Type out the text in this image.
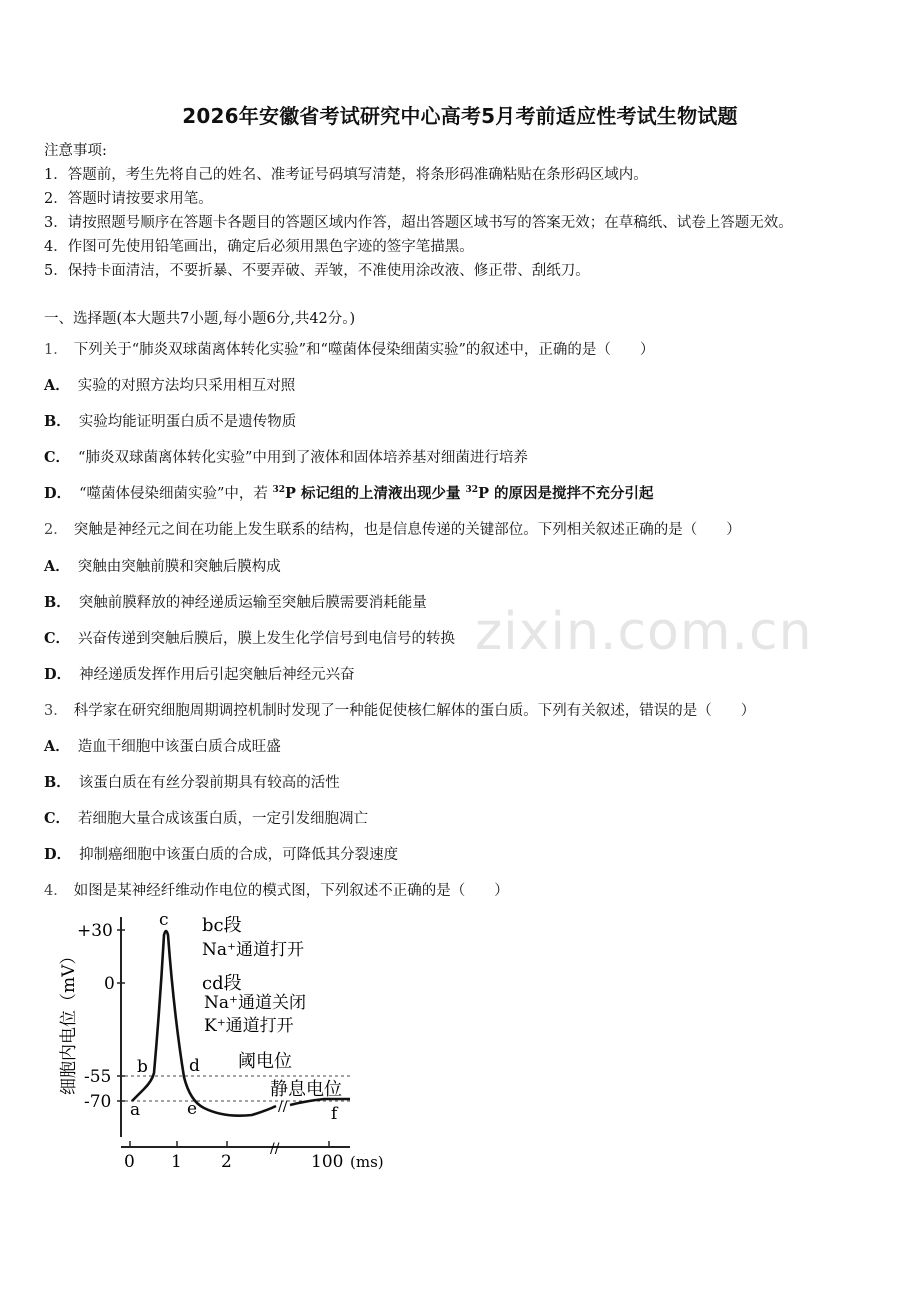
2026年安徽省考试研究中心高考5月考前适应性考试生物试题
注意事项:
1．答题前，考生先将自己的姓名、准考证号码填写清楚，将条形码准确粘贴在条形码区域内。
2．答题时请按要求用笔。
3．请按照题号顺序在答题卡各题目的答题区域内作答，超出答题区域书写的答案无效；在草稿纸、试卷上答题无效。
4．作图可先使用铅笔画出，确定后必须用黑色字迹的签字笔描黑。
5．保持卡面清洁，不要折暴、不要弄破、弄皱，不准使用涂改液、修正带、刮纸刀。
一、选择题(本大题共7小题,每小题6分,共42分。)
1． 下列关于“肺炎双球菌离体转化实验”和“噬菌体侵染细菌实验”的叙述中，正确的是（　　）
A． 实验的对照方法均只采用相互对照
B． 实验均能证明蛋白质不是遗传物质
C． “肺炎双球菌离体转化实验”中用到了液体和固体培养基对细菌进行培养
D． “噬菌体侵染细菌实验”中，若 $^{32}$P 标记组的上清液出现少量 $^{32}$P 的原因是搅拌不充分引起
2． 突触是神经元之间在功能上发生联系的结构，也是信息传递的关键部位。下列相关叙述正确的是（　　）
A． 突触由突触前膜和突触后膜构成
B． 突触前膜释放的神经递质运输至突触后膜需要消耗能量
C． 兴奋传递到突触后膜后，膜上发生化学信号到电信号的转换
D． 神经递质发挥作用后引起突触后神经元兴奋
3． 科学家在研究细胞周期调控机制时发现了一种能促使核仁解体的蛋白质。下列有关叙述，错误的是（　　）
A． 造血干细胞中该蛋白质合成旺盛
B． 该蛋白质在有丝分裂前期具有较高的活性
C． 若细胞大量合成该蛋白质，一定引发细胞凋亡
D． 抑制癌细胞中该蛋白质的合成，可降低其分裂速度
4． 如图是某神经纤维动作电位的模式图，下列叙述不正确的是（　　）
zixin.com.cn
细胞内电位（mV）
+30
0
-55
-70
0 1 2	100 (ms)
//
//
a
b
c
d
e	f
bc段
Na⁺通道打开
cd段
Na⁺通道关闭
K⁺通道打开
阈电位
静息电位
